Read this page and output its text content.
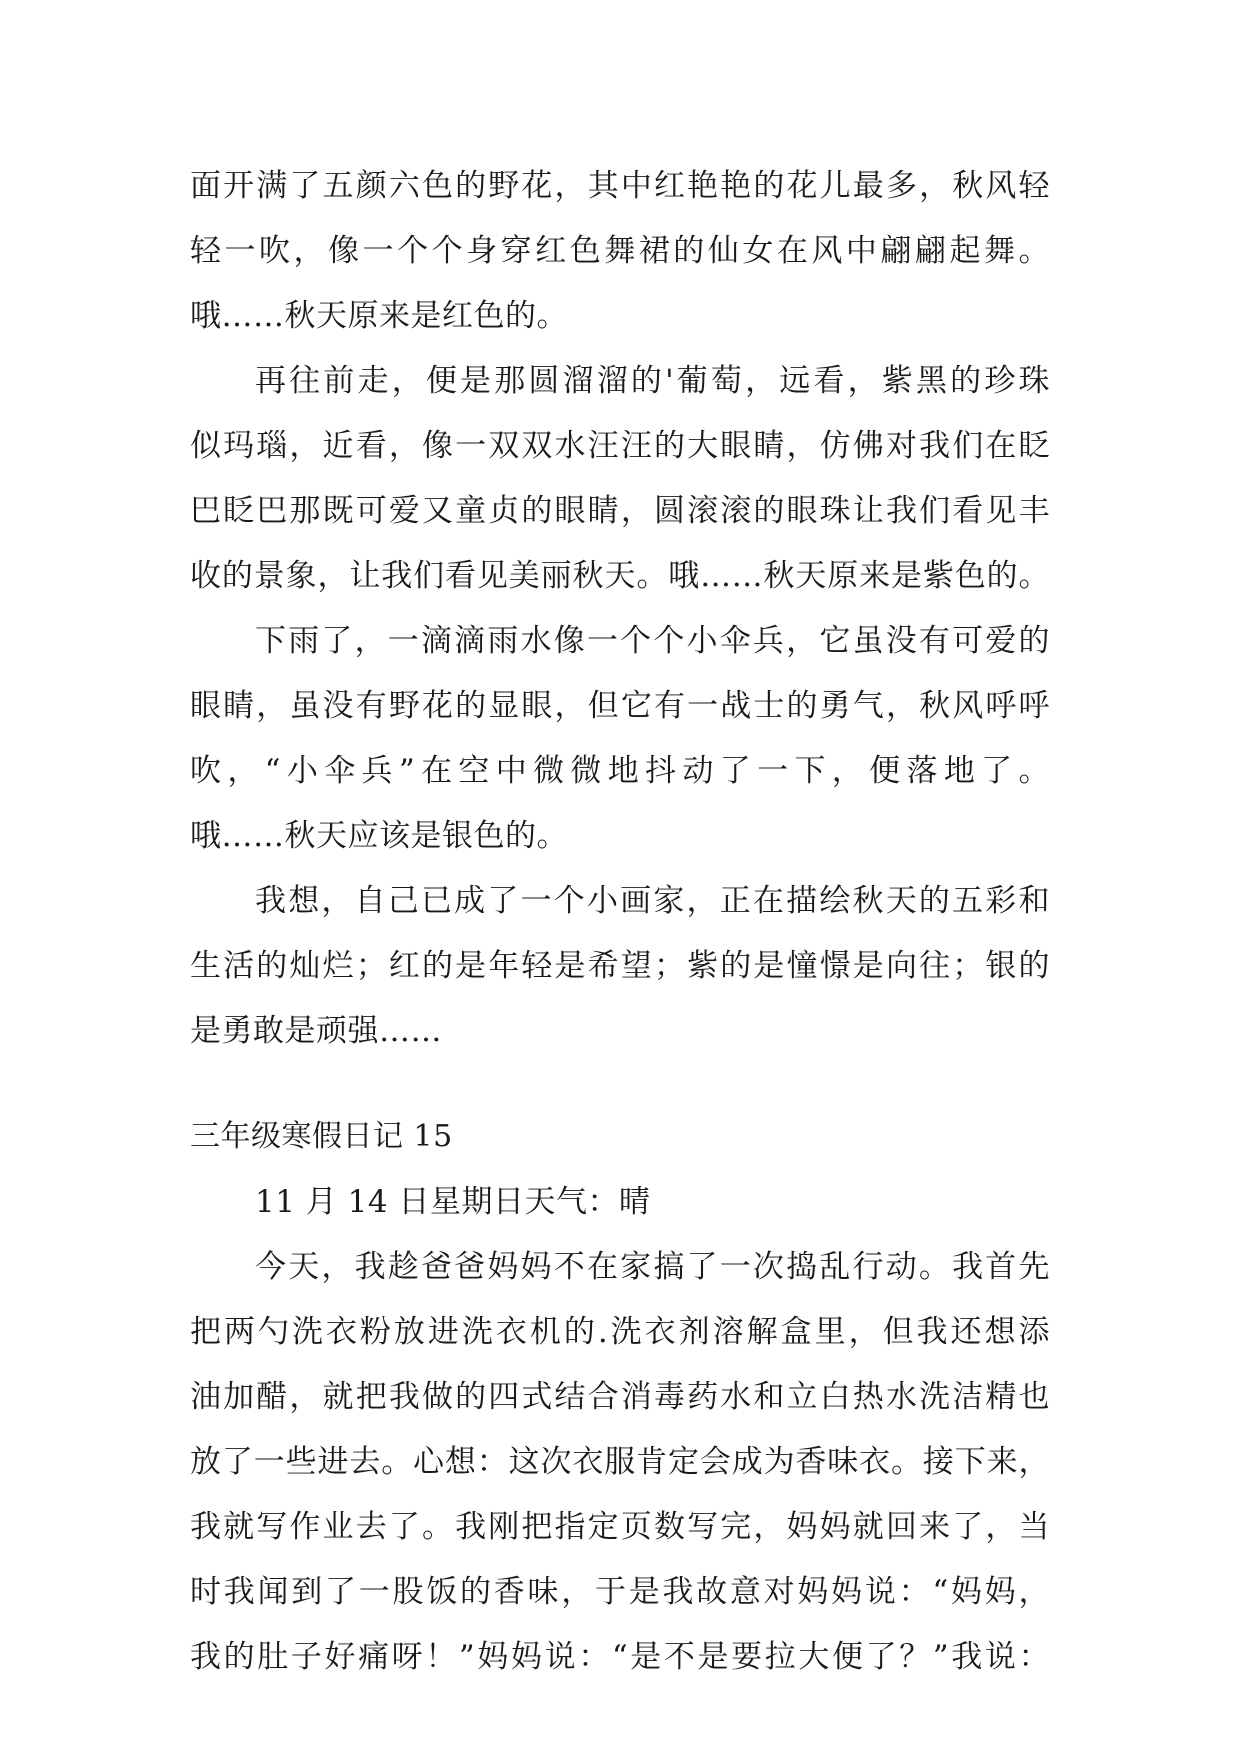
面开满了五颜六色的野花，其中红艳艳的花儿最多，秋风轻
轻一吹，像一个个身穿红色舞裙的仙女在风中翩翩起舞。
哦……秋天原来是红色的。
再往前走，便是那圆溜溜的'葡萄，远看，紫黑的珍珠
似玛瑙，近看，像一双双水汪汪的大眼睛，仿佛对我们在眨
巴眨巴那既可爱又童贞的眼睛，圆滚滚的眼珠让我们看见丰
收的景象，让我们看见美丽秋天。哦……秋天原来是紫色的。
下雨了，一滴滴雨水像一个个小伞兵，它虽没有可爱的
眼睛，虽没有野花的显眼，但它有一战士的勇气，秋风呼呼
吹，“小伞兵”在空中微微地抖动了一下，便落地了。
哦……秋天应该是银色的。
我想，自己已成了一个小画家，正在描绘秋天的五彩和
生活的灿烂；红的是年轻是希望；紫的是憧憬是向往；银的
是勇敢是顽强……
三年级寒假日记 15
11 月 14 日星期日天气：晴
今天，我趁爸爸妈妈不在家搞了一次捣乱行动。我首先
把两勺洗衣粉放进洗衣机的.洗衣剂溶解盒里，但我还想添
油加醋，就把我做的四式结合消毒药水和立白热水洗洁精也
放了一些进去。心想：这次衣服肯定会成为香味衣。接下来，
我就写作业去了。我刚把指定页数写完，妈妈就回来了，当
时我闻到了一股饭的香味，于是我故意对妈妈说：“妈妈，
我的肚子好痛呀！”妈妈说：“是不是要拉大便了？”我说：
